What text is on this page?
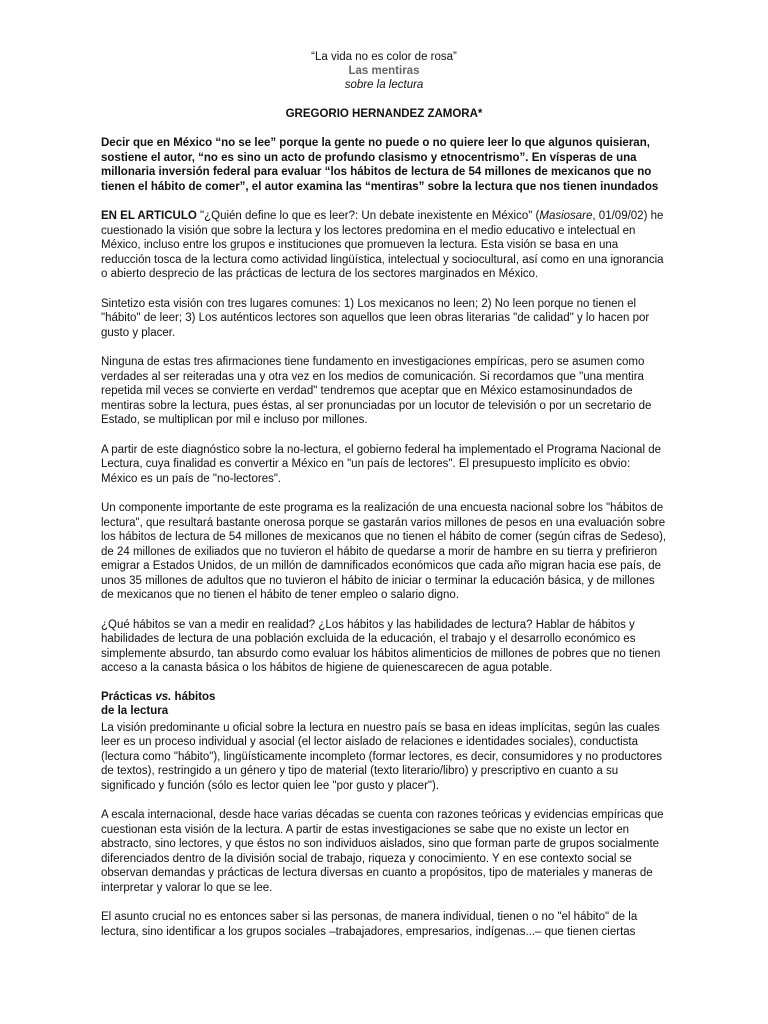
“La vida no es color de rosa”
Las mentiras
sobre la lectura
GREGORIO HERNANDEZ ZAMORA*
Decir que en México “no se lee” porque la gente no puede o no quiere leer lo que algunos quisieran, sostiene el autor, “no es sino un acto de profundo clasismo y etnocentrismo”. En vísperas de una millonaria inversión federal para evaluar “los hábitos de lectura de 54 millones de mexicanos que no tienen el hábito de comer”, el autor examina las “mentiras” sobre la lectura que nos tienen inundados

EN EL ARTICULO "¿Quién define lo que es leer?: Un debate inexistente en México" (Masiosare, 01/09/02) he cuestionado la visión que sobre la lectura y los lectores predomina en el medio educativo e intelectual en México, incluso entre los grupos e instituciones que promueven la lectura. Esta visión se basa en una reducción tosca de la lectura como actividad lingüística, intelectual y sociocultural, así como en una ignorancia o abierto desprecio de las prácticas de lectura de los sectores marginados en México.

Sintetizo esta visión con tres lugares comunes: 1) Los mexicanos no leen; 2) No leen porque no tienen el "hábito" de leer; 3) Los auténticos lectores son aquellos que leen obras literarias "de calidad" y lo hacen por gusto y placer.

Ninguna de estas tres afirmaciones tiene fundamento en investigaciones empíricas, pero se asumen como verdades al ser reiteradas una y otra vez en los medios de comunicación. Si recordamos que "una mentira repetida mil veces se convierte en verdad" tendremos que aceptar que en México estamosinundados de mentiras sobre la lectura, pues éstas, al ser pronunciadas por un locutor de televisión o por un secretario de Estado, se multiplican por mil e incluso por millones.

A partir de este diagnóstico sobre la no-lectura, el gobierno federal ha implementado el Programa Nacional de Lectura, cuya finalidad es convertir a México en "un país de lectores". El presupuesto implícito es obvio: México es un país de "no-lectores".

Un componente importante de este programa es la realización de una encuesta nacional sobre los "hábitos de lectura", que resultará bastante onerosa porque se gastarán varios millones de pesos en una evaluación sobre los hábitos de lectura de 54 millones de mexicanos que no tienen el hábito de comer (según cifras de Sedeso), de 24 millones de exiliados que no tuvieron el hábito de quedarse a morir de hambre en su tierra y prefirieron emigrar a Estados Unidos, de un millón de damnificados económicos que cada año migran hacia ese país, de unos 35 millones de adultos que no tuvieron el hábito de iniciar o terminar la educación básica, y de millones de mexicanos que no tienen el hábito de tener empleo o salario digno.

¿Qué hábitos se van a medir en realidad? ¿Los hábitos y las habilidades de lectura? Hablar de hábitos y habilidades de lectura de una población excluida de la educación, el trabajo y el desarrollo económico es simplemente absurdo, tan absurdo como evaluar los hábitos alimenticios de millones de pobres que no tienen acceso a la canasta básica o los hábitos de higiene de quienescarecen de agua potable.

Prácticas vs. hábitos
de la lectura

La visión predominante u oficial sobre la lectura en nuestro país se basa en ideas implícitas, según las cuales leer es un proceso individual y asocial (el lector aislado de relaciones e identidades sociales), conductista (lectura como "hábito"), lingüísticamente incompleto (formar lectores, es decir, consumidores y no productores de textos), restringido a un género y tipo de material (texto literario/libro) y prescriptivo en cuanto a su significado y función (sólo es lector quien lee "por gusto y placer").

A escala internacional, desde hace varias décadas se cuenta con razones teóricas y evidencias empíricas que cuestionan esta visión de la lectura. A partir de estas investigaciones se sabe que no existe un lector en abstracto, sino lectores, y que éstos no son individuos aislados, sino que forman parte de grupos socialmente diferenciados dentro de la división social de trabajo, riqueza y conocimiento. Y en ese contexto social se observan demandas y prácticas de lectura diversas en cuanto a propósitos, tipo de materiales y maneras de interpretar y valorar lo que se lee.

El asunto crucial no es entonces saber si las personas, de manera individual, tienen o no "el hábito" de la lectura, sino identificar a los grupos sociales –trabajadores, empresarios, indígenas...– que tienen ciertas
